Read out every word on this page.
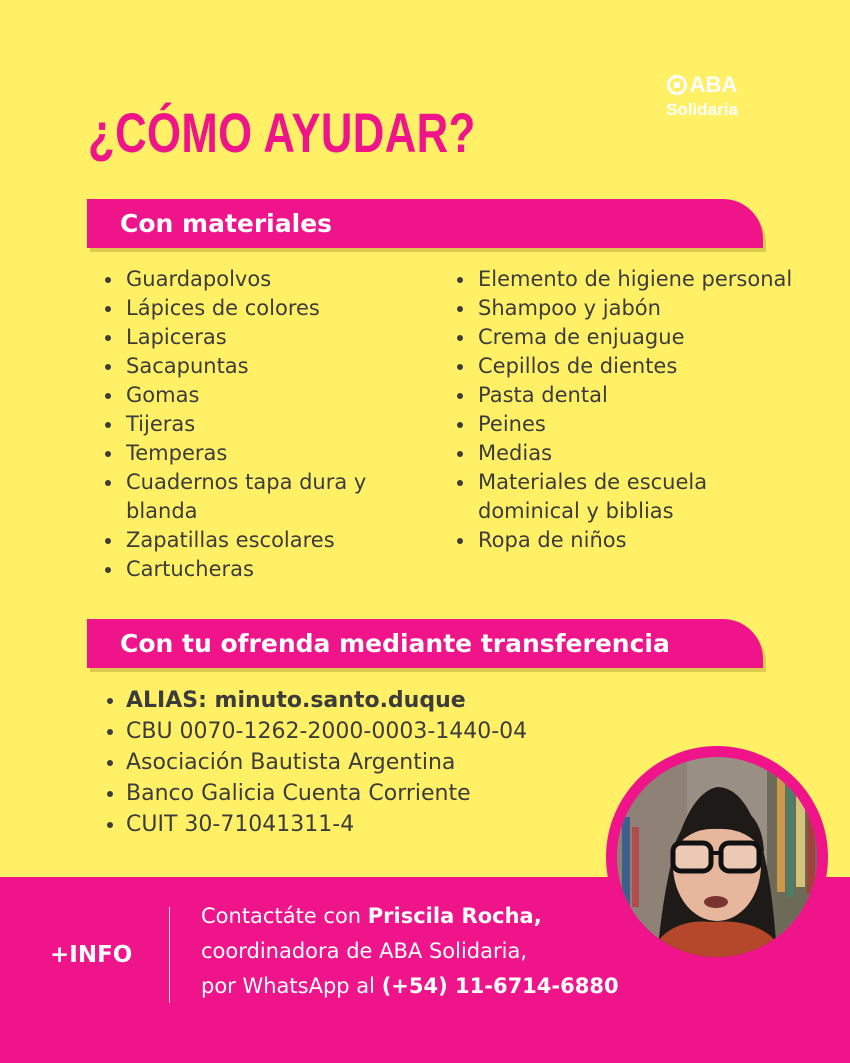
ABA
Solidaria
¿CÓMO AYUDAR?
Con materiales
• Guardapolvos
• Lápices de colores
• Lapiceras
• Sacapuntas
• Gomas
• Tijeras
• Temperas
• Cuadernos tapa dura y blanda
• Zapatillas escolares
• Cartucheras
• Elemento de higiene personal
• Shampoo y jabón
• Crema de enjuague
• Cepillos de dientes
• Pasta dental
• Peines
• Medias
• Materiales de escuela dominical y biblias
• Ropa de niños
Con tu ofrenda mediante transferencia
• ALIAS: minuto.santo.duque
• CBU 0070-1262-2000-0003-1440-04
• Asociación Bautista Argentina
• Banco Galicia Cuenta Corriente
• CUIT 30-71041311-4
+INFO
Contactáte con Priscila Rocha,
coordinadora de ABA Solidaria,
por WhatsApp al (+54) 11-6714-6880
